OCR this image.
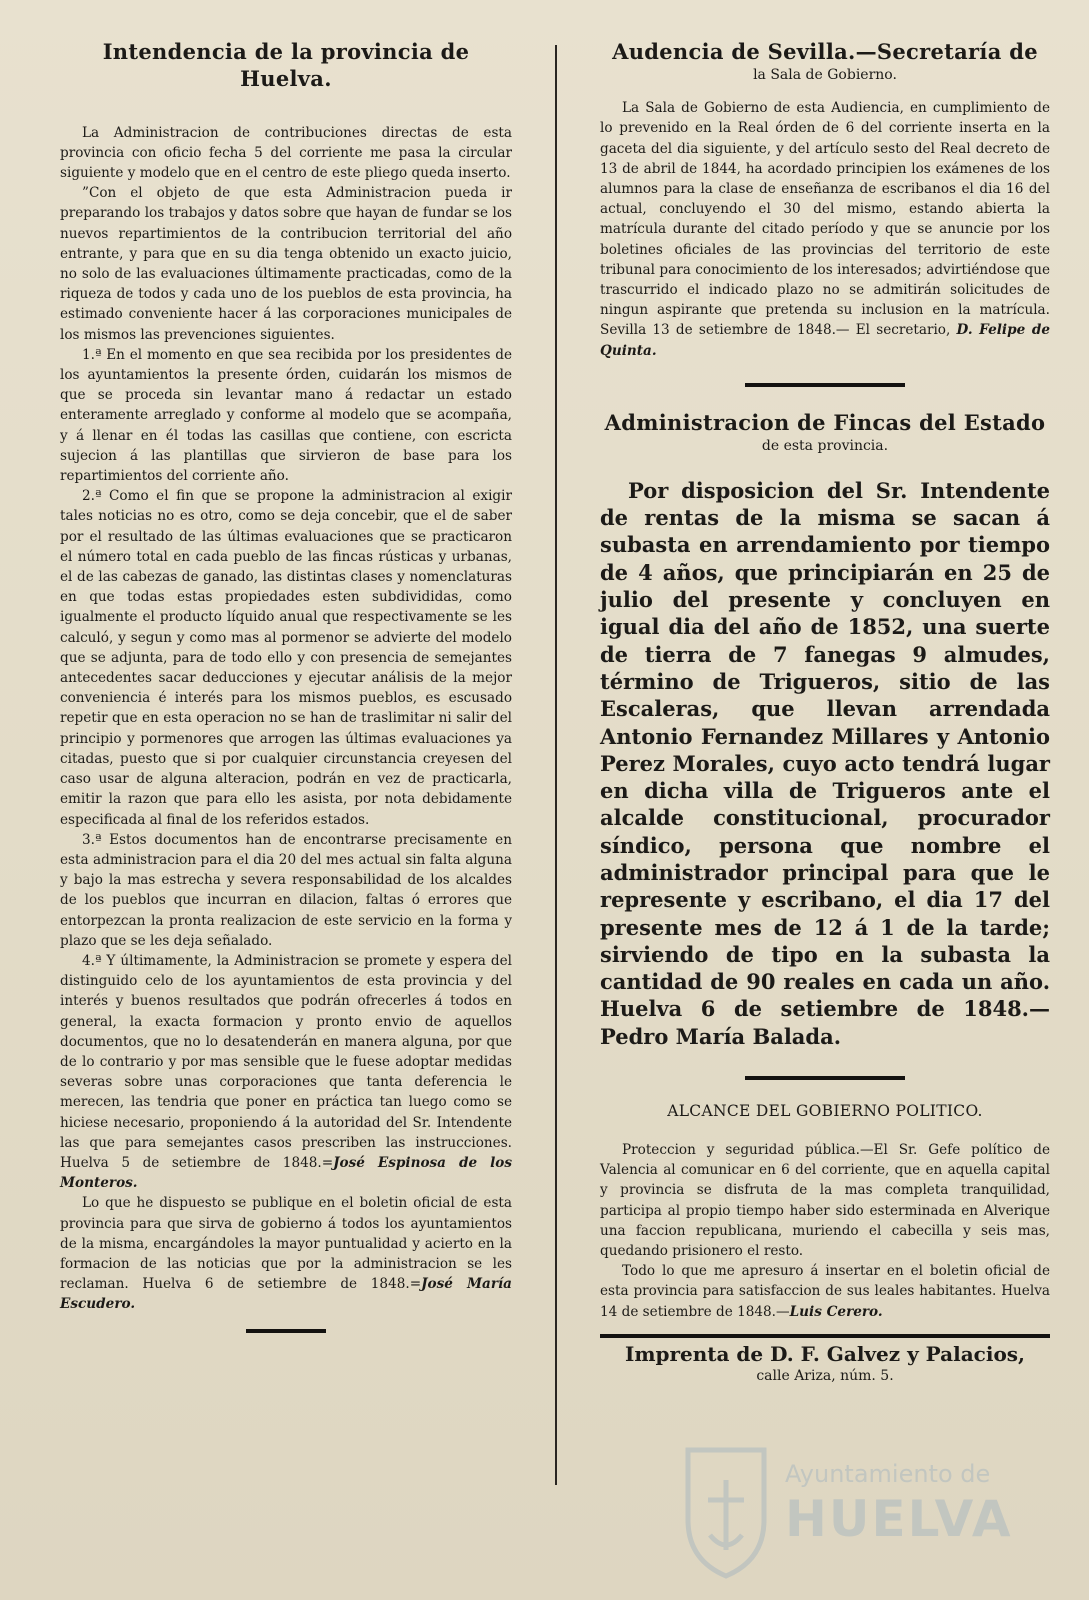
Intendencia de la provincia de Huelva.

La Administracion de contribuciones directas de esta provincia con oficio fecha 5 del corriente me pasa la circular siguiente y modelo que en el centro de este pliego queda inserto.

”Con el objeto de que esta Administracion pueda ir preparando los trabajos y datos sobre que hayan de fundar se los nuevos repartimientos de la contribucion territorial del año entrante, y para que en su dia tenga obtenido un exacto juicio, no solo de las evaluaciones últimamente practicadas, como de la riqueza de todos y cada uno de los pueblos de esta provincia, ha estimado conveniente hacer á las corporaciones municipales de los mismos las prevenciones siguientes.

1.ª En el momento en que sea recibida por los presidentes de los ayuntamientos la presente órden, cuidarán los mismos de que se proceda sin levantar mano á redactar un estado enteramente arreglado y conforme al modelo que se acompaña, y á llenar en él todas las casillas que contiene, con escricta sujecion á las plantillas que sirvieron de base para los repartimientos del corriente año.

2.ª Como el fin que se propone la administracion al exigir tales noticias no es otro, como se deja concebir, que el de saber por el resultado de las últimas evaluaciones que se practicaron el número total en cada pueblo de las fincas rústicas y urbanas, el de las cabezas de ganado, las distintas clases y nomenclaturas en que todas estas propiedades esten subdivididas, como igualmente el producto líquido anual que respectivamente se les calculó, y segun y como mas al pormenor se advierte del modelo que se adjunta, para de todo ello y con presencia de semejantes antecedentes sacar deducciones y ejecutar análisis de la mejor conveniencia é interés para los mismos pueblos, es escusado repetir que en esta operacion no se han de traslimitar ni salir del principio y pormenores que arrogen las últimas evaluaciones ya citadas, puesto que si por cualquier circunstancia creyesen del caso usar de alguna alteracion, podrán en vez de practicarla, emitir la razon que para ello les asista, por nota debidamente especificada al final de los referidos estados.

3.ª Estos documentos han de encontrarse precisamente en esta administracion para el dia 20 del mes actual sin falta alguna y bajo la mas estrecha y severa responsabilidad de los alcaldes de los pueblos que incurran en dilacion, faltas ó errores que entorpezcan la pronta realizacion de este servicio en la forma y plazo que se les deja señalado.

4.ª Y últimamente, la Administracion se promete y espera del distinguido celo de los ayuntamientos de esta provincia y del interés y buenos resultados que podrán ofrecerles á todos en general, la exacta formacion y pronto envio de aquellos documentos, que no lo desatenderán en manera alguna, por que de lo contrario y por mas sensible que le fuese adoptar medidas severas sobre unas corporaciones que tanta deferencia le merecen, las tendria que poner en práctica tan luego como se hiciese necesario, proponiendo á la autoridad del Sr. Intendente las que para semejantes casos prescriben las instrucciones. Huelva 5 de setiembre de 1848.=José Espinosa de los Monteros.

Lo que he dispuesto se publique en el boletin oficial de esta provincia para que sirva de gobierno á todos los ayuntamientos de la misma, encargándoles la mayor puntualidad y acierto en la formacion de las noticias que por la administracion se les reclaman. Huelva 6 de setiembre de 1848.=José María Escudero.

Audencia de Sevilla.—Secretaría de
la Sala de Gobierno.

La Sala de Gobierno de esta Audiencia, en cumplimiento de lo prevenido en la Real órden de 6 del corriente inserta en la gaceta del dia siguiente, y del artículo sesto del Real decreto de 13 de abril de 1844, ha acordado principien los exámenes de los alumnos para la clase de enseñanza de escribanos el dia 16 del actual, concluyendo el 30 del mismo, estando abierta la matrícula durante del citado período y que se anuncie por los boletines oficiales de las provincias del territorio de este tribunal para conocimiento de los interesados; advirtiéndose que trascurrido el indicado plazo no se admitirán solicitudes de ningun aspirante que pretenda su inclusion en la matrícula. Sevilla 13 de setiembre de 1848.— El secretario, D. Felipe de Quinta.

Administracion de Fincas del Estado
de esta provincia.

Por disposicion del Sr. Intendente de rentas de la misma se sacan á subasta en arrendamiento por tiempo de 4 años, que principiarán en 25 de julio del presente y concluyen en igual dia del año de 1852, una suerte de tierra de 7 fanegas 9 almudes, término de Trigueros, sitio de las Escaleras, que llevan arrendada Antonio Fernandez Millares y Antonio Perez Morales, cuyo acto tendrá lugar en dicha villa de Trigueros ante el alcalde constitucional, procurador síndico, persona que nombre el administrador principal para que le represente y escribano, el dia 17 del presente mes de 12 á 1 de la tarde; sirviendo de tipo en la subasta la cantidad de 90 reales en cada un año. Huelva 6 de setiembre de 1848.—Pedro María Balada.

ALCANCE DEL GOBIERNO POLITICO.

Proteccion y seguridad pública.—El Sr. Gefe político de Valencia al comunicar en 6 del corriente, que en aquella capital y provincia se disfruta de la mas completa tranquilidad, participa al propio tiempo haber sido esterminada en Alverique una faccion republicana, muriendo el cabecilla y seis mas, quedando prisionero el resto.

Todo lo que me apresuro á insertar en el boletin oficial de esta provincia para satisfaccion de sus leales habitantes. Huelva 14 de setiembre de 1848.—Luis Cerero.

Imprenta de D. F. Galvez y Palacios,
calle Ariza, núm. 5.
Ayuntamiento de
HUELVA
